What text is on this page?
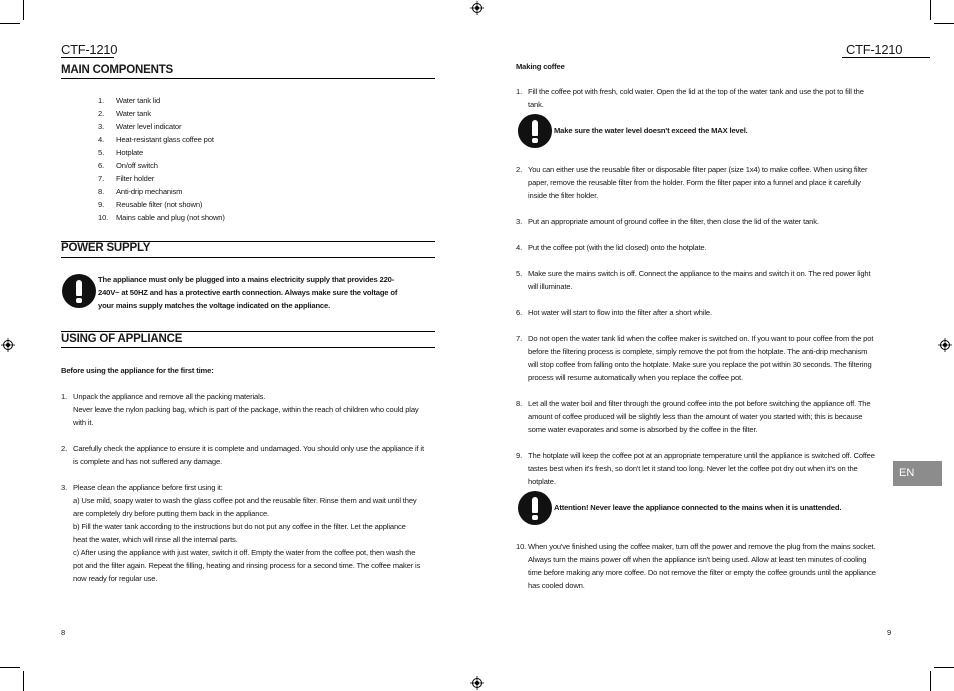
CTF-1210
MAIN COMPONENTS
1. Water tank lid
2. Water tank
3. Water level indicator
4. Heat-resistant glass coffee pot
5. Hotplate
6. On/off switch
7. Filter holder
8. Anti-drip mechanism
9. Reusable filter (not shown)
10. Mains cable and plug (not shown)
POWER SUPPLY
The appliance must only be plugged into a mains electricity supply that provides 220-
240V~ at 50HZ and has a protective earth connection. Always make sure the voltage of
your mains supply matches the voltage indicated on the appliance.
USING OF APPLIANCE
Before using the appliance for the first time:
1. Unpack the appliance and remove all the packing materials.
Never leave the nylon packing bag, which is part of the package, within the reach of children who could play
with it.
2. Carefully check the appliance to ensure it is complete and undamaged. You should only use the appliance if it
is complete and has not suffered any damage.
3. Please clean the appliance before first using it:
a) Use mild, soapy water to wash the glass coffee pot and the reusable filter. Rinse them and wait until they
are completely dry before putting them back in the appliance.
b) Fill the water tank according to the instructions but do not put any coffee in the filter. Let the appliance
heat the water, which will rinse all the internal parts.
c) After using the appliance with just water, switch it off. Empty the water from the coffee pot, then wash the
pot and the filter again. Repeat the filling, heating and rinsing process for a second time. The coffee maker is
now ready for regular use.
8
CTF-1210
Making coffee
1. Fill the coffee pot with fresh, cold water. Open the lid at the top of the water tank and use the pot to fill the
tank.
2. You can either use the reusable filter or disposable filter paper (size 1x4) to make coffee. When using filter
paper, remove the reusable filter from the holder. Form the filter paper into a funnel and place it carefully
inside the filter holder.
3. Put an appropriate amount of ground coffee in the filter, then close the lid of the water tank.
4. Put the coffee pot (with the lid closed) onto the hotplate.
5. Make sure the mains switch is off. Connect the appliance to the mains and switch it on. The red power light
will illuminate.
6. Hot water will start to flow into the filter after a short while.
7. Do not open the water tank lid when the coffee maker is switched on. If you want to pour coffee from the pot
before the filtering process is complete, simply remove the pot from the hotplate. The anti-drip mechanism
will stop coffee from falling onto the hotplate. Make sure you replace the pot within 30 seconds. The filtering
process will resume automatically when you replace the coffee pot.
8. Let all the water boil and filter through the ground coffee into the pot before switching the appliance off. The
amount of coffee produced will be slightly less than the amount of water you started with; this is because
some water evaporates and some is absorbed by the coffee in the filter.
9. The hotplate will keep the coffee pot at an appropriate temperature until the appliance is switched off. Coffee
tastes best when it's fresh, so don't let it stand too long. Never let the coffee pot dry out when it's on the
hotplate.
10. When you've finished using the coffee maker, turn off the power and remove the plug from the mains socket.
Always turn the mains power off when the appliance isn't being used. Allow at least ten minutes of cooling
time before making any more coffee. Do not remove the filter or empty the coffee grounds until the appliance
has cooled down.
Make sure the water level doesn't exceed the MAX level.
Attention! Never leave the appliance connected to the mains when it is unattended.
EN
9
